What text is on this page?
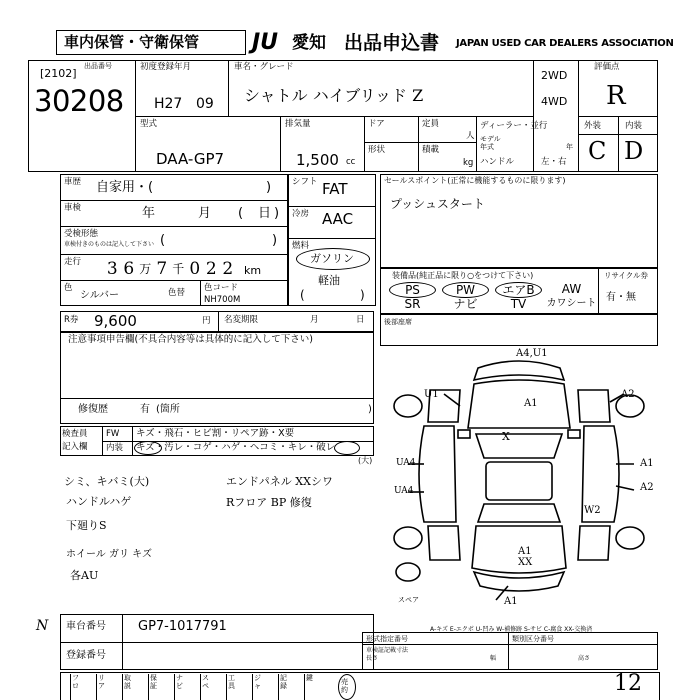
車内保管・守衛保管 JU 愛知 出品申込書 JAPAN USED CAR DEALERS ASSOCIATION
出品番号
[2102]
30208
初度登録年月
H27 09
車名・グレード
シャトル ハイブリッド Z
2WD
4WD
評価点
R
型式
DAA-GP7
排気量
1,500 cc
ドア	定員
人
形状	積載
kg
ディーラー・並行
モデル
年式	年
ハンドル	左・右
外装	内装
C D
車歴 自家用・(	)
車検	年	月 ( 日 )
受検形態
車検付きのものは記入して下さい (	)
走行 3 6 万 7 千 0 2 2 km
色
シルバー	色替 色コード
NH700M
シフト FAT
冷房 AAC
燃料
ガソリン
軽油
(	)
セールスポイント(正常に機能するものに限ります)
プッシュスタート
装備品(純正品に限り○をつけて下さい)
PS	PW	エアB	AW
SR	ナビ	TV	カワシート
リサイクル券
有・無
R券 9,600	円 名変期限	月	日	後部座席
注意事項申告欄(不具合内容等は具体的に記入して下さい)
修復歴	有 (箇所	)
検査員
記入欄
FW キズ・飛石・ヒビ割・リペア跡・X要
内装 キズ・汚レ・コゲ・ハゲ・ヘコミ・キレ・破レ
(大)
シミ、キバミ(大)
ハンドルハゲ
下廻りS
ホイール ガリ キズ
各AU
エンドパネル XXシワ
Rフロア BP 修復
A4,U1
U1	A2
A1
X
UA4
UA4
A1
A2
W2
A1 XX
A1
スペア
車台番号 GP7-1017791
登録番号
N	A-キズ E-エクボ U-凹み W-補修跡 S-サビ C-腐食 XX-交換済
形式指定番号	類別区分番号
車検証記載寸法
長さ	幅	高さ
フロ
リア
取説
保証
ナビ
スペ
工具
ジャ
記録
鍵	売約	12
